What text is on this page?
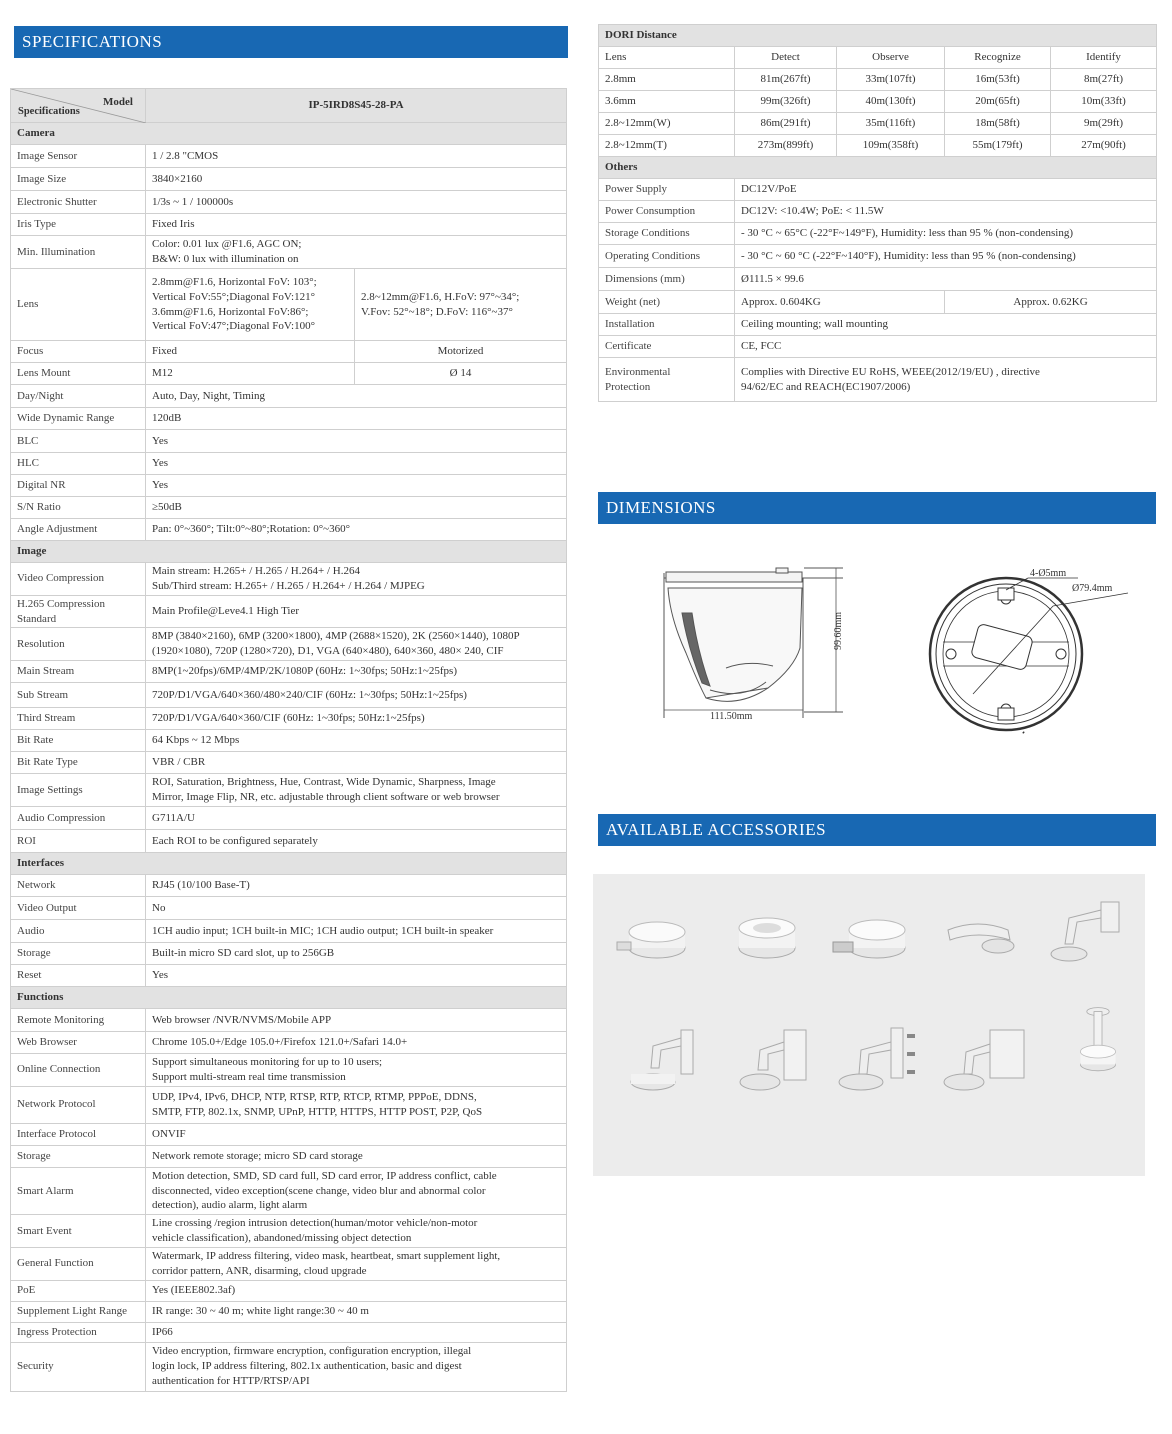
SPECIFICATIONS
Model
Specifications	IP-5IRD8S45-28-PA	
Camera		
Image Sensor	1 / 2.8 "CMOS	
Image Size	3840×2160	
Electronic Shutter	1/3s ~ 1 / 100000s	
Iris Type	Fixed Iris	
Min. Illumination	Color: 0.01 lux @F1.6, AGC ON;
B&W: 0 lux with illumination on	
Lens	2.8mm@F1.6, Horizontal FoV: 103°;
Vertical FoV:55°;Diagonal FoV:121°
3.6mm@F1.6, Horizontal FoV:86°;
Vertical FoV:47°;Diagonal FoV:100°	2.8~12mm@F1.6, H.FoV: 97°~34°;
V.Fov: 52°~18°; D.FoV: 116°~37°
Focus	Fixed	Motorized
Lens Mount	M12	Ø 14
Day/Night	Auto, Day, Night, Timing	
Wide Dynamic Range	120dB	
BLC	Yes	
HLC	Yes	
Digital NR	Yes	
S/N Ratio	≥50dB	
Angle Adjustment	Pan: 0°~360°; Tilt:0°~80°;Rotation: 0°~360°	
Image		
Video Compression	Main stream: H.265+ / H.265 / H.264+ / H.264
Sub/Third stream: H.265+ / H.265 / H.264+ / H.264 / MJPEG	
H.265 Compression
Standard	Main Profile@Leve4.1 High Tier	
Resolution	8MP (3840×2160), 6MP (3200×1800), 4MP (2688×1520), 2K (2560×1440), 1080P
(1920×1080), 720P (1280×720), D1, VGA (640×480), 640×360, 480× 240, CIF	
Main Stream	8MP(1~20fps)/6MP/4MP/2K/1080P (60Hz: 1~30fps; 50Hz:1~25fps)	
Sub Stream	720P/D1/VGA/640×360/480×240/CIF (60Hz: 1~30fps; 50Hz:1~25fps)	
Third Stream	720P/D1/VGA/640×360/CIF (60Hz: 1~30fps; 50Hz:1~25fps)	
Bit Rate	64 Kbps ~ 12 Mbps	
Bit Rate Type	VBR / CBR	
Image Settings	ROI, Saturation, Brightness, Hue, Contrast, Wide Dynamic, Sharpness, Image
Mirror, Image Flip, NR, etc. adjustable through client software or web browser	
Audio Compression	G711A/U	
ROI	Each ROI to be configured separately	
Interfaces		
Network	RJ45 (10/100 Base-T)	
Video Output	No	
Audio	1CH audio input; 1CH built-in MIC; 1CH audio output; 1CH built-in speaker	
Storage	Built-in micro SD card slot, up to 256GB	
Reset	Yes	
Functions		
Remote Monitoring	Web browser /NVR/NVMS/Mobile APP	
Web Browser	Chrome 105.0+/Edge 105.0+/Firefox 121.0+/Safari 14.0+	
Online Connection	Support simultaneous monitoring for up to 10 users;
Support multi-stream real time transmission	
Network Protocol	UDP, IPv4, IPv6, DHCP, NTP, RTSP, RTP, RTCP, RTMP, PPPoE, DDNS,
SMTP, FTP, 802.1x, SNMP, UPnP, HTTP, HTTPS, HTTP POST, P2P, QoS	
Interface Protocol	ONVIF	
Storage	Network remote storage; micro SD card storage	
Smart Alarm	Motion detection, SMD, SD card full, SD card error, IP address conflict, cable
disconnected, video exception(scene change, video blur and abnormal color
detection), audio alarm, light alarm	
Smart Event	Line crossing /region intrusion detection(human/motor vehicle/non-motor
vehicle classification), abandoned/missing object detection	
General Function	Watermark, IP address filtering, video mask, heartbeat, smart supplement light,
corridor pattern, ANR, disarming, cloud upgrade	
PoE	Yes (IEEE802.3af)	
Supplement Light Range	IR range: 30 ~ 40 m; white light range:30 ~ 40 m	
Ingress Protection	IP66	
Security	Video encryption, firmware encryption, configuration encryption, illegal
login lock, IP address filtering, 802.1x authentication, basic and digest
authentication for HTTP/RTSP/API	
DORI Distance				
Lens	Detect	Observe	Recognize	Identify
2.8mm	81m(267ft)	33m(107ft)	16m(53ft)	8m(27ft)
3.6mm	99m(326ft)	40m(130ft)	20m(65ft)	10m(33ft)
2.8~12mm(W)	86m(291ft)	35m(116ft)	18m(58ft)	9m(29ft)
2.8~12mm(T)	273m(899ft)	109m(358ft)	55m(179ft)	27m(90ft)
Others				
Power Supply	DC12V/PoE			
Power Consumption	DC12V: <10.4W; PoE: < 11.5W			
Storage Conditions	- 30 °C ~ 65°C (-22°F~149°F), Humidity: less than 95 % (non-condensing)			
Operating Conditions	- 30 °C ~ 60 °C (-22°F~140°F), Humidity: less than 95 % (non-condensing)			
Dimensions (mm)	Ø111.5 × 99.6			
Weight (net)	Approx. 0.604KG		Approx. 0.62KG	
Installation	Ceiling mounting; wall mounting			
Certificate	CE, FCC			
Environmental
Protection	Complies with Directive EU RoHS, WEEE(2012/19/EU) , directive
94/62/EC and REACH(EC1907/2006)			
DIMENSIONS
99.60mm
111.50mm
4-Ø5mm
Ø79.4mm
AVAILABLE ACCESSORIES
